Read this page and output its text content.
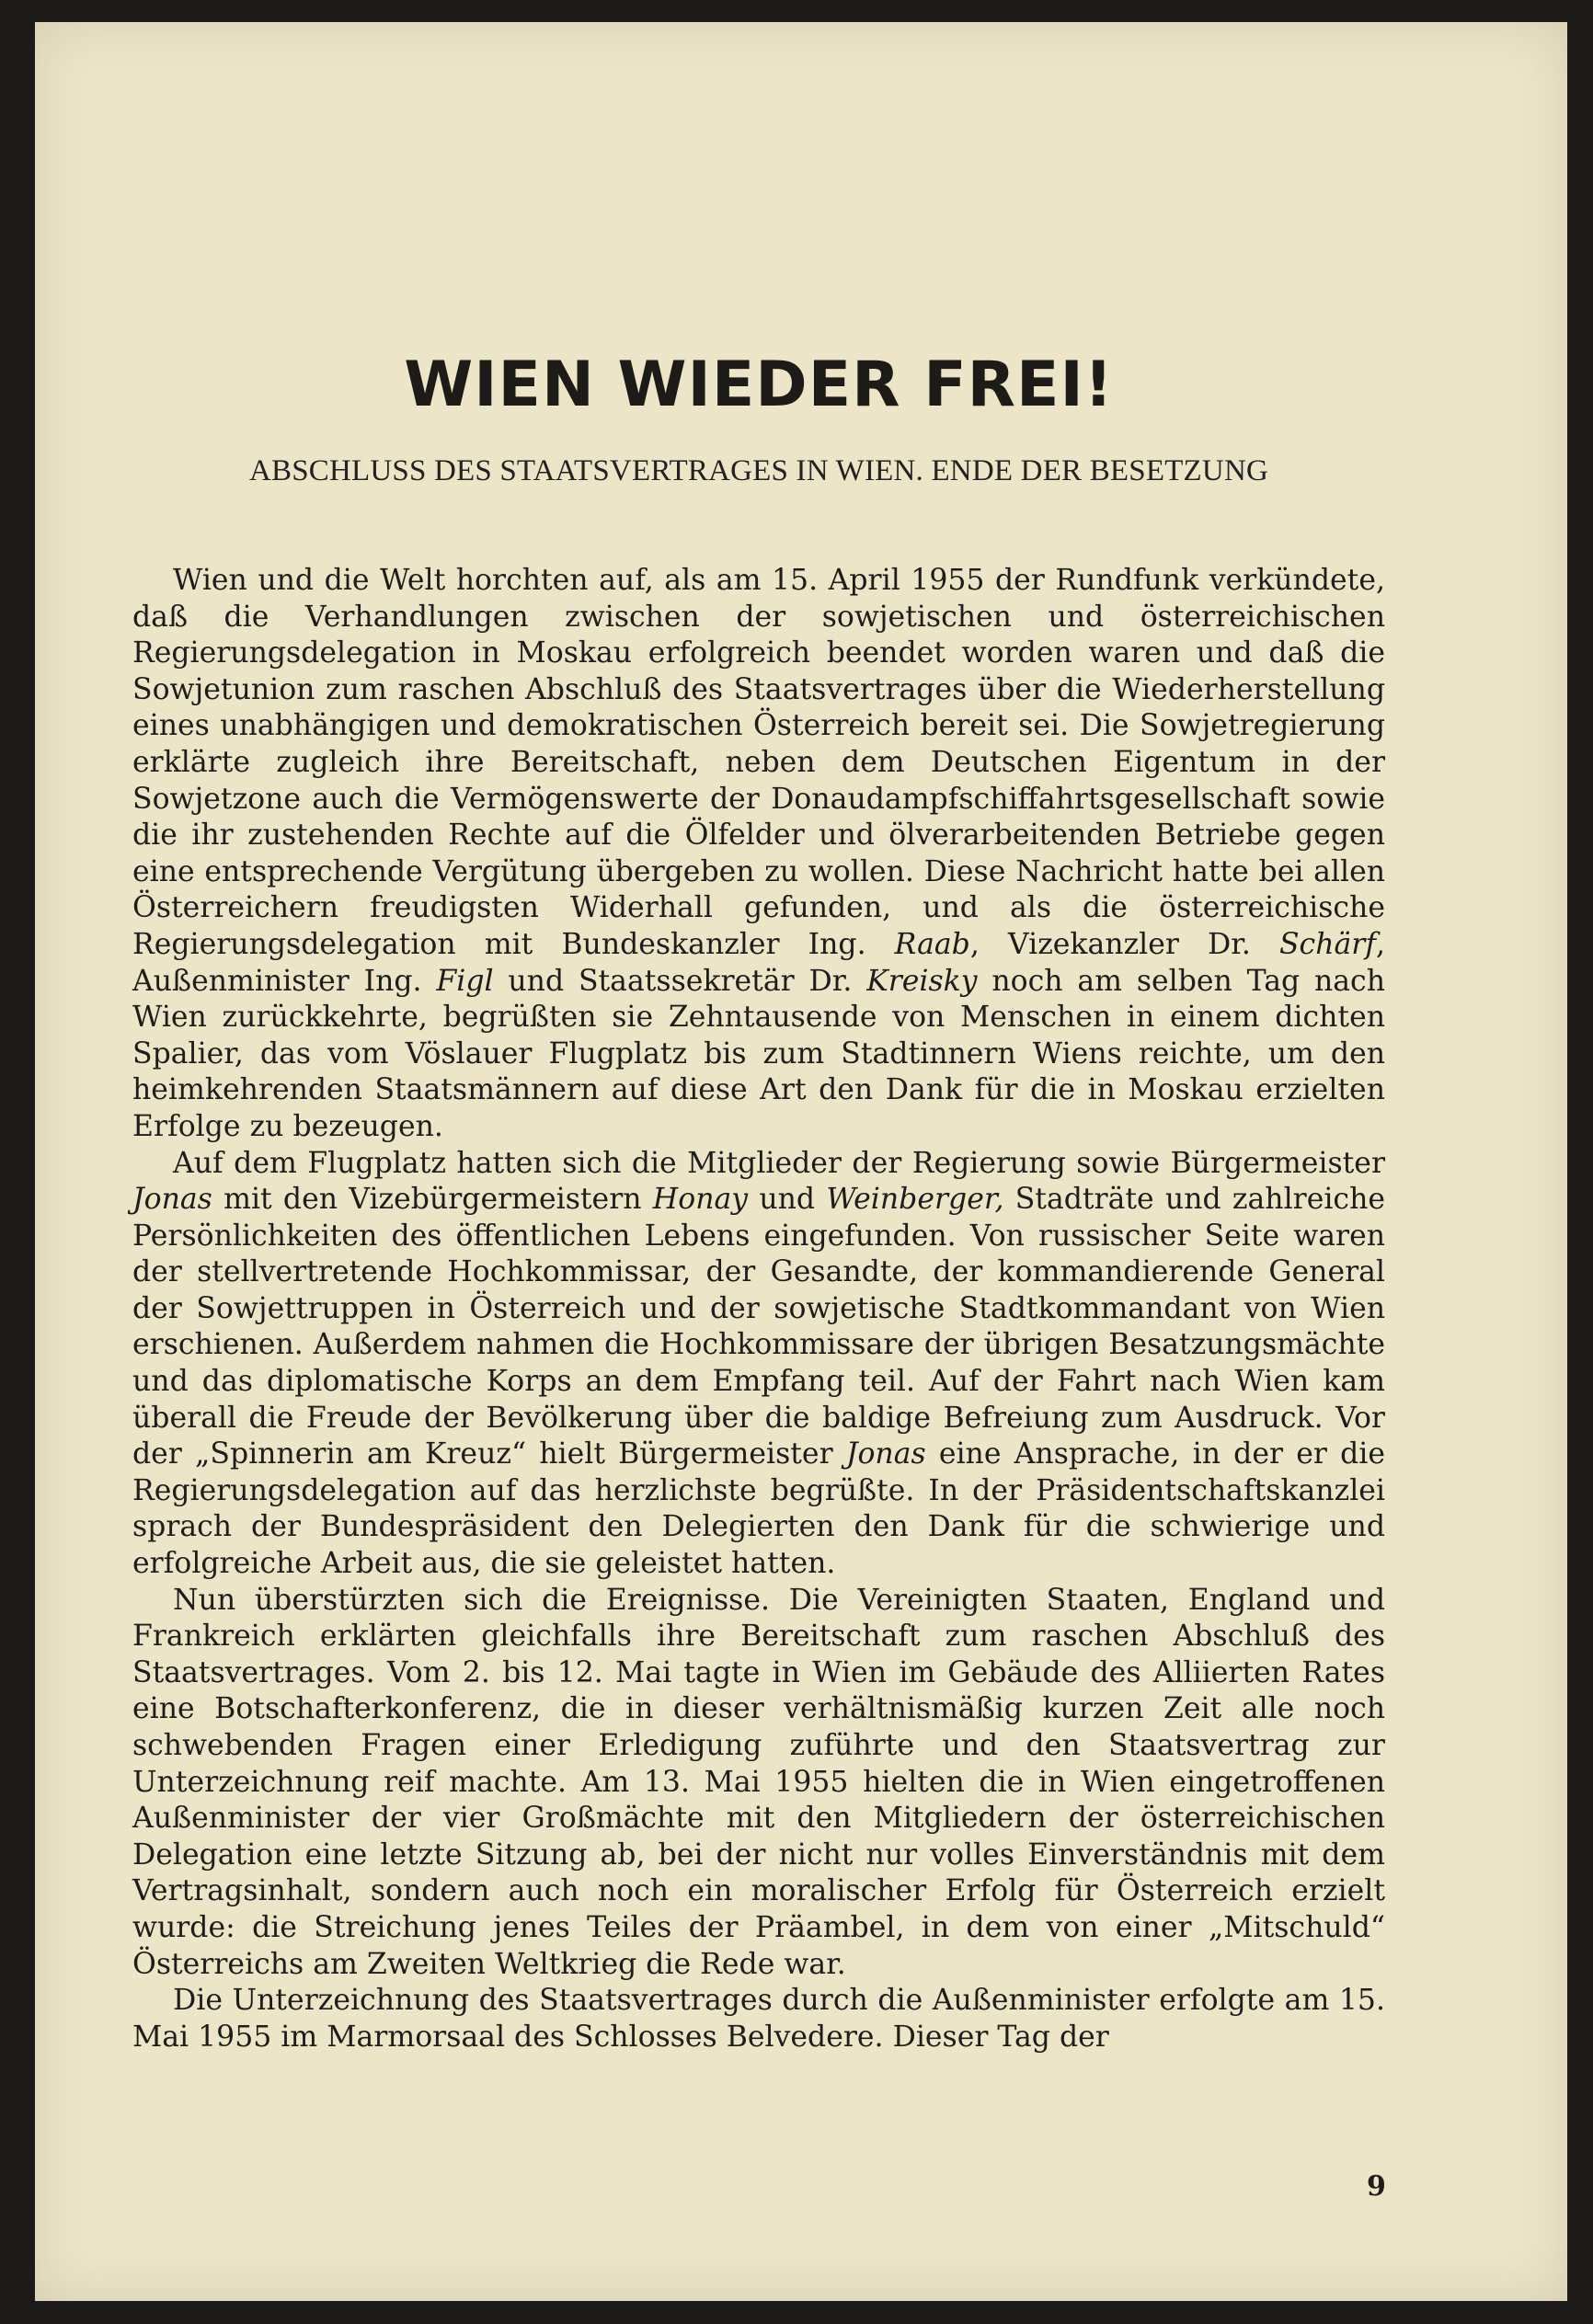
WIEN WIEDER FREI!
ABSCHLUSS DES STAATSVERTRAGES IN WIEN. ENDE DER BESETZUNG

Wien und die Welt horchten auf, als am 15. April 1955 der Rundfunk verkündete, daß die Verhandlungen zwischen der sowjetischen und österreichischen Regierungsdelegation in Moskau erfolgreich beendet worden waren und daß die Sowjetunion zum raschen Abschluß des Staatsvertrages über die Wiederherstellung eines unabhängigen und demokratischen Österreich bereit sei. Die Sowjetregierung erklärte zugleich ihre Bereitschaft, neben dem Deutschen Eigentum in der Sowjetzone auch die Vermögenswerte der Donaudampfschiffahrtsgesellschaft sowie die ihr zustehenden Rechte auf die Ölfelder und ölverarbeitenden Betriebe gegen eine entsprechende Vergütung übergeben zu wollen. Diese Nachricht hatte bei allen Österreichern freudigsten Widerhall gefunden, und als die österreichische Regierungsdelegation mit Bundeskanzler Ing. Raab, Vizekanzler Dr. Schärf, Außenminister Ing. Figl und Staatssekretär Dr. Kreisky noch am selben Tag nach Wien zurückkehrte, begrüßten sie Zehntausende von Menschen in einem dichten Spalier, das vom Vöslauer Flugplatz bis zum Stadtinnern Wiens reichte, um den heimkehrenden Staatsmännern auf diese Art den Dank für die in Moskau erzielten Erfolge zu bezeugen.

Auf dem Flugplatz hatten sich die Mitglieder der Regierung sowie Bürgermeister Jonas mit den Vizebürgermeistern Honay und Weinberger, Stadträte und zahlreiche Persönlichkeiten des öffentlichen Lebens eingefunden. Von russischer Seite waren der stellvertretende Hochkommissar, der Gesandte, der kommandierende General der Sowjettruppen in Österreich und der sowjetische Stadtkommandant von Wien erschienen. Außerdem nahmen die Hochkommissare der übrigen Besatzungsmächte und das diplomatische Korps an dem Empfang teil. Auf der Fahrt nach Wien kam überall die Freude der Bevölkerung über die baldige Befreiung zum Ausdruck. Vor der „Spinnerin am Kreuz“ hielt Bürgermeister Jonas eine Ansprache, in der er die Regierungsdelegation auf das herzlichste begrüßte. In der Präsidentschaftskanzlei sprach der Bundespräsident den Delegierten den Dank für die schwierige und erfolgreiche Arbeit aus, die sie geleistet hatten.

Nun überstürzten sich die Ereignisse. Die Vereinigten Staaten, England und Frankreich erklärten gleichfalls ihre Bereitschaft zum raschen Abschluß des Staatsvertrages. Vom 2. bis 12. Mai tagte in Wien im Gebäude des Alliierten Rates eine Botschafterkonferenz, die in dieser verhältnismäßig kurzen Zeit alle noch schwebenden Fragen einer Erledigung zuführte und den Staatsvertrag zur Unterzeichnung reif machte. Am 13. Mai 1955 hielten die in Wien eingetroffenen Außenminister der vier Großmächte mit den Mitgliedern der österreichischen Delegation eine letzte Sitzung ab, bei der nicht nur volles Einverständnis mit dem Vertragsinhalt, sondern auch noch ein moralischer Erfolg für Österreich erzielt wurde: die Streichung jenes Teiles der Präambel, in dem von einer „Mitschuld“ Österreichs am Zweiten Weltkrieg die Rede war.

Die Unterzeichnung des Staatsvertrages durch die Außenminister erfolgte am 15. Mai 1955 im Marmorsaal des Schlosses Belvedere. Dieser Tag der

9
